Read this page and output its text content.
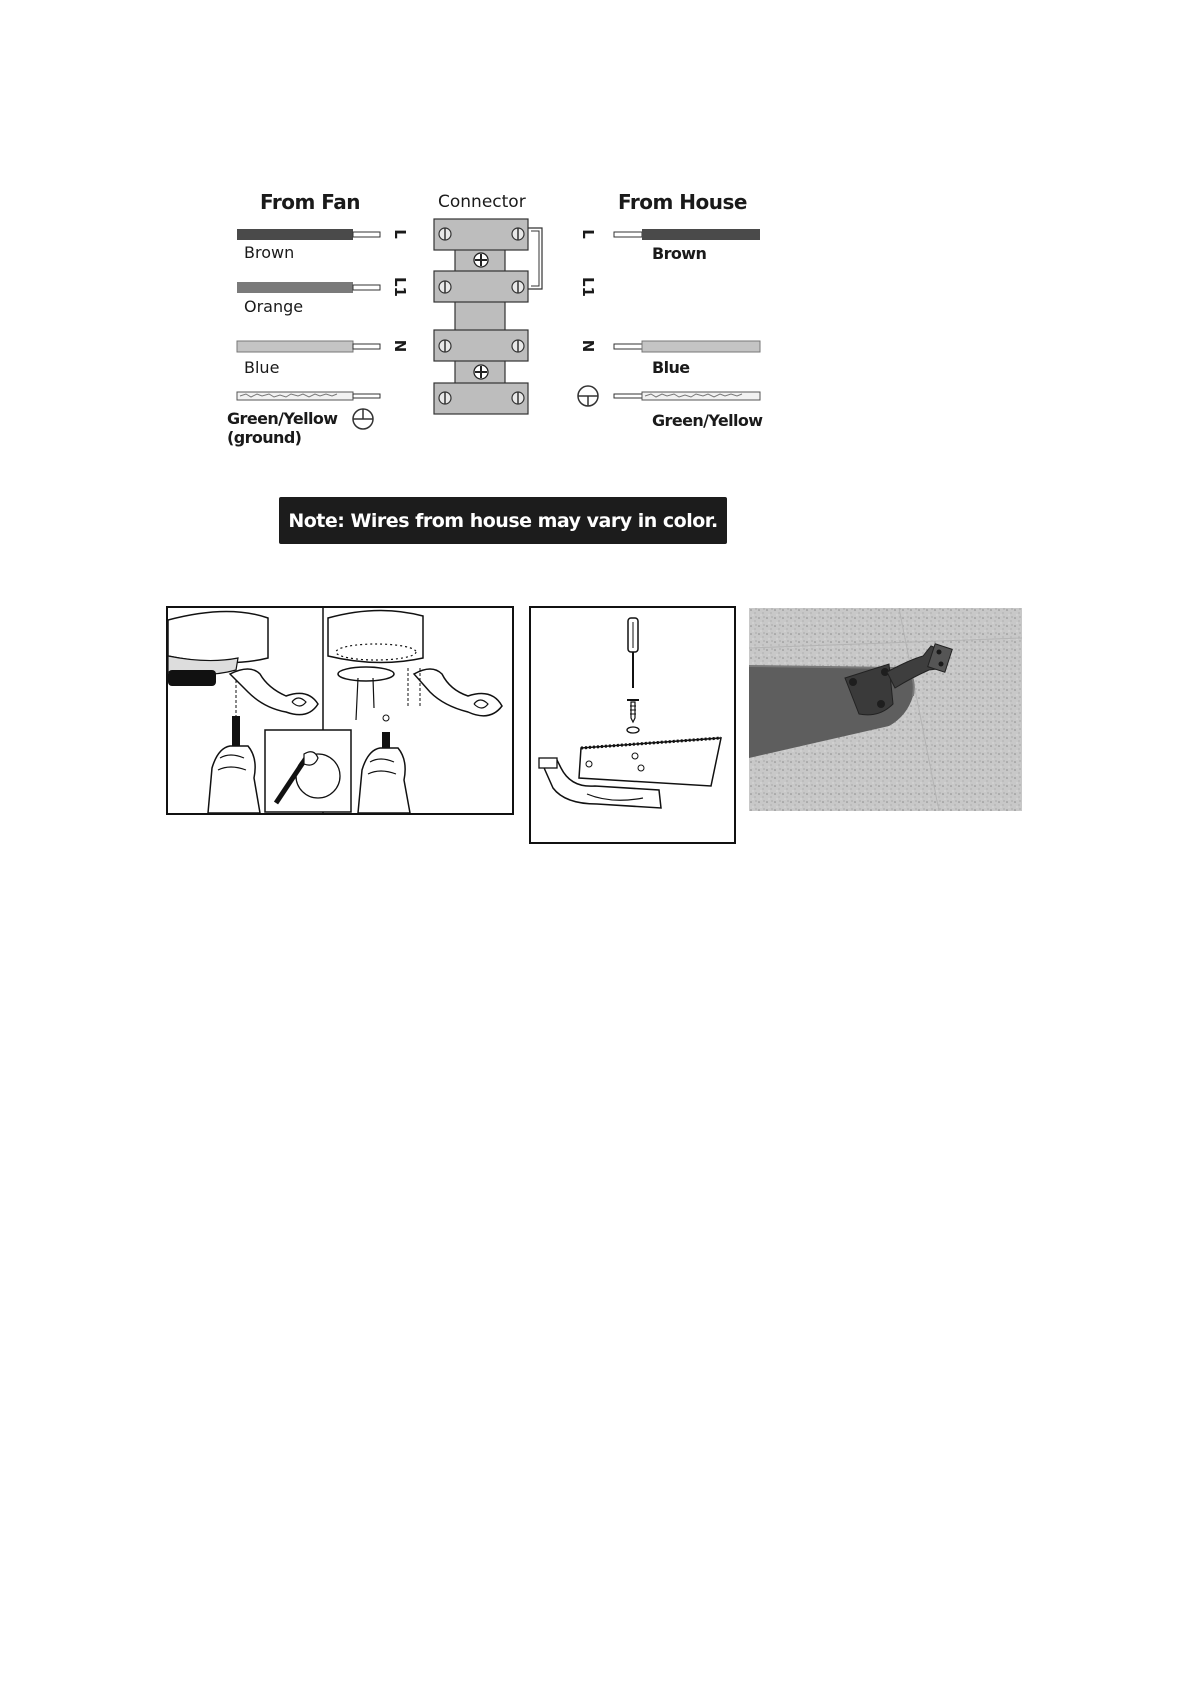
From Fan	Connector	From House
Brown
Orange
Blue
Green/Yellow
(ground)
L
L1
N
L
L1
N
Brown
Blue
Green/Yellow
Note: Wires from house may vary in color.
